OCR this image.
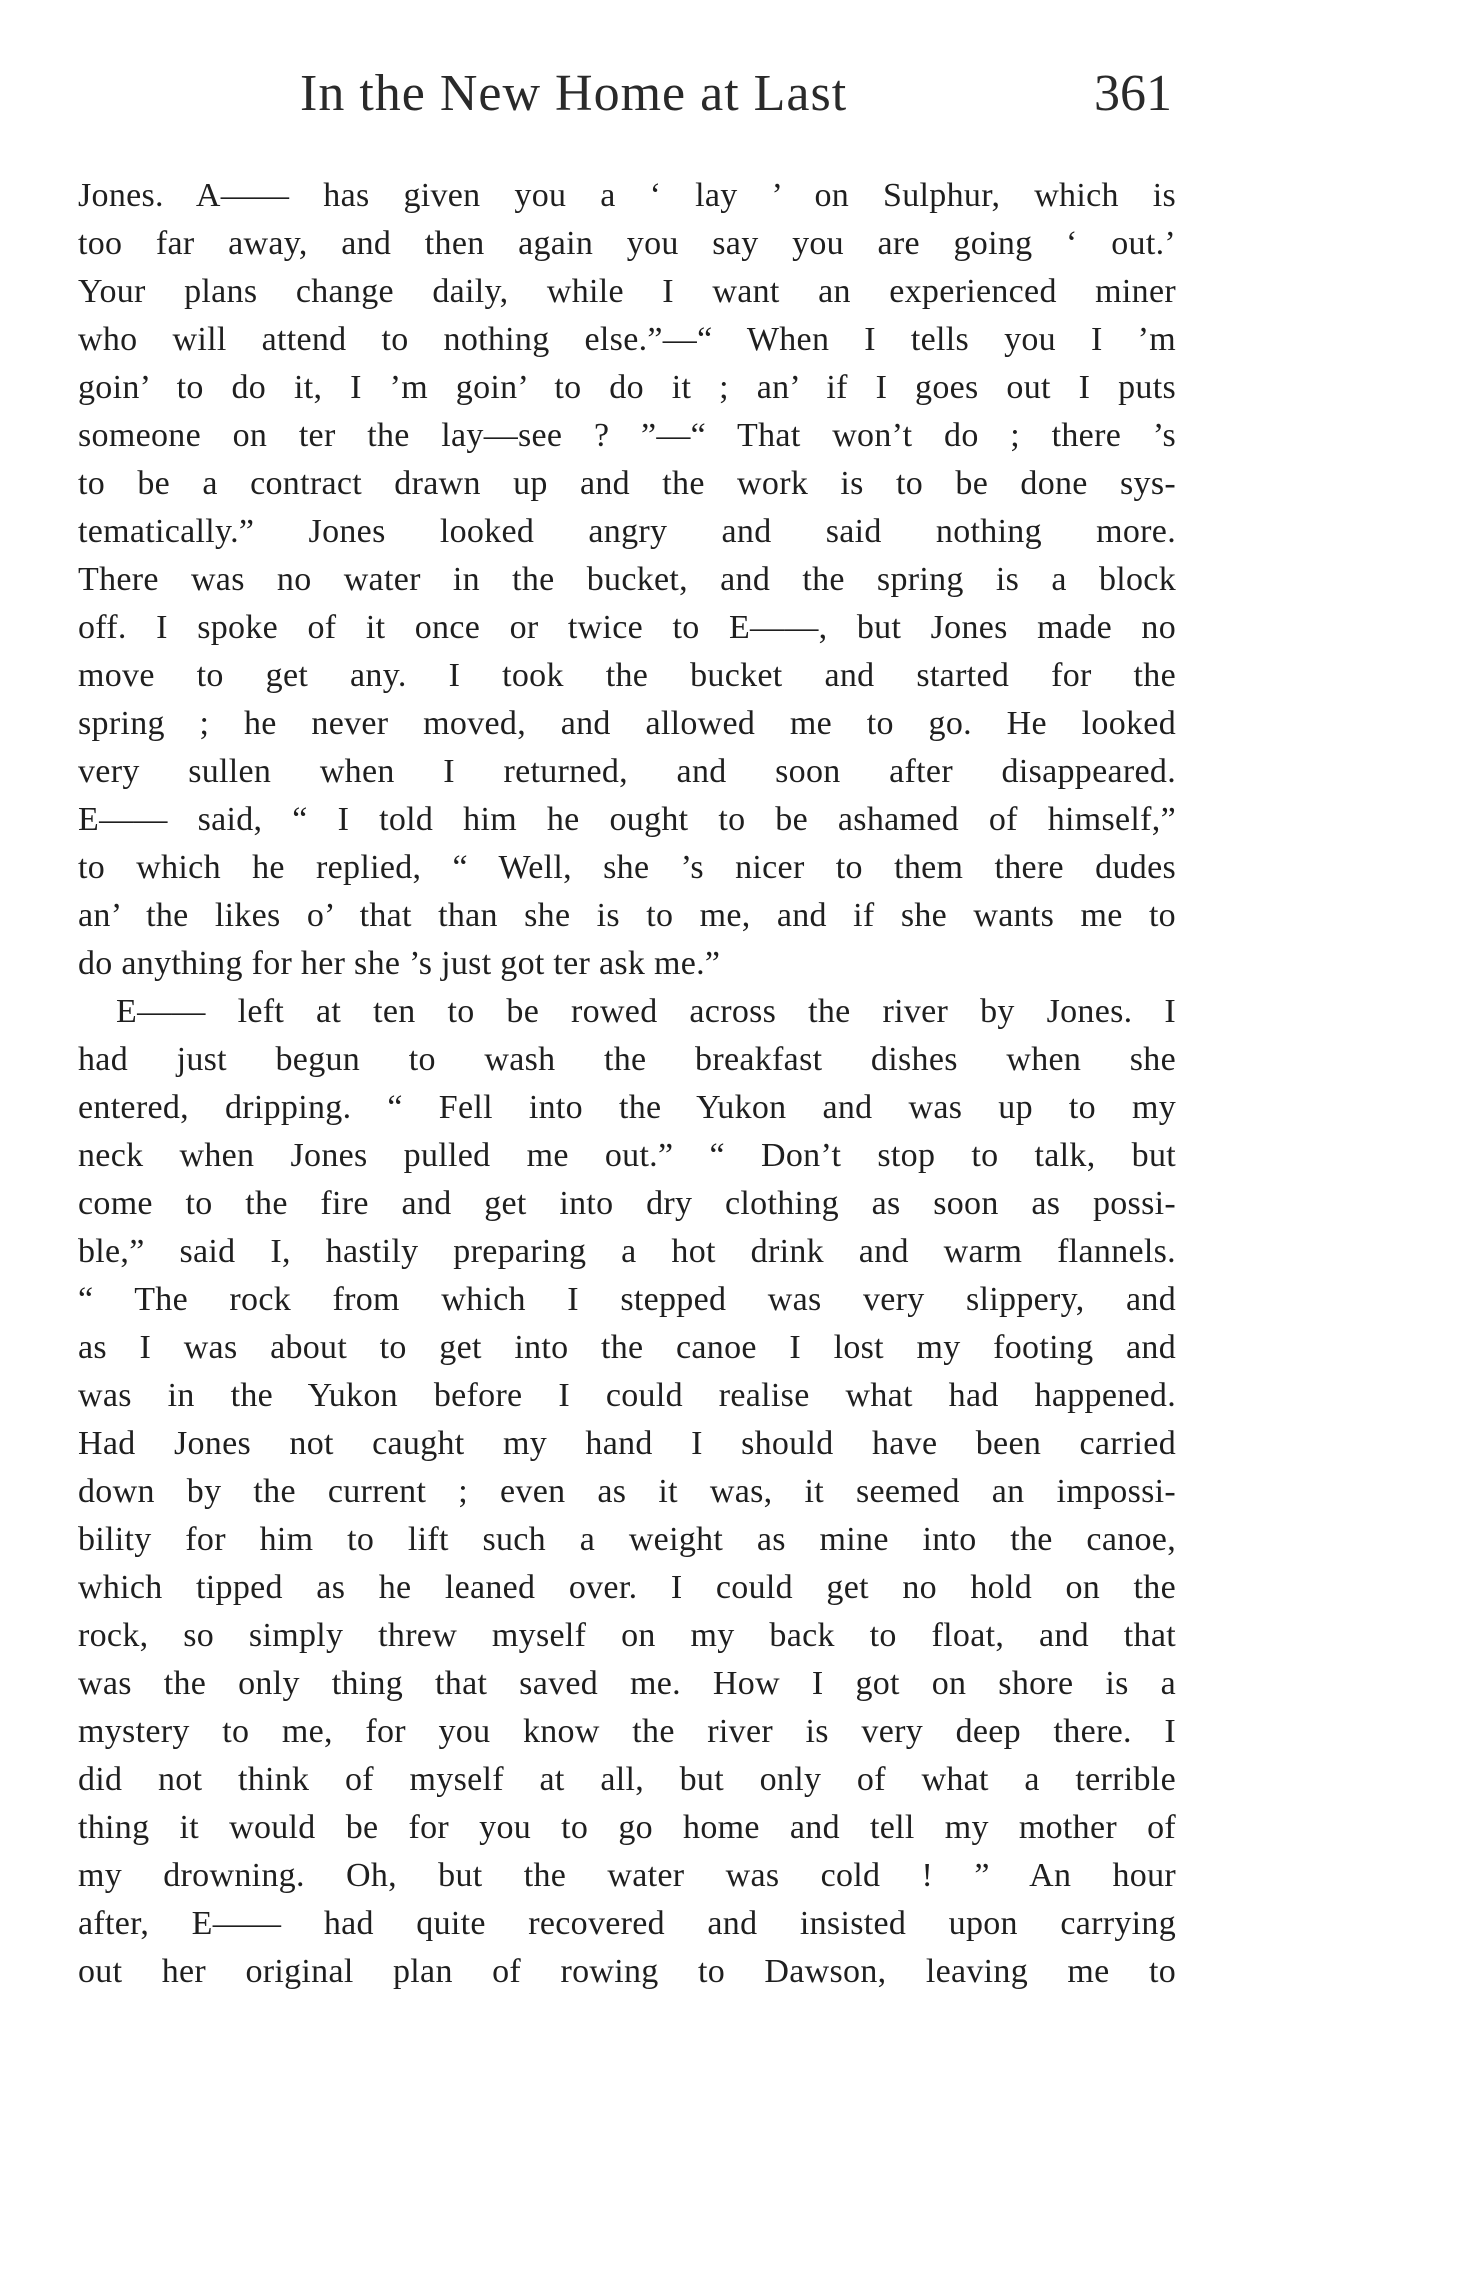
In the New Home at Last	361
Jones. A—— has given you a ‘ lay ’ on Sulphur, which is
too far away, and then again you say you are going ‘ out.’
Your plans change daily, while I want an experienced miner
who will attend to nothing else.”—“ When I tells you I ’m
goin’ to do it, I ’m goin’ to do it ; an’ if I goes out I puts
someone on ter the lay—see ? ”—“ That won’t do ; there ’s
to be a contract drawn up and the work is to be done sys-
tematically.” Jones looked angry and said nothing more.
There was no water in the bucket, and the spring is a block
off. I spoke of it once or twice to E——, but Jones made no
move to get any. I took the bucket and started for the
spring ; he never moved, and allowed me to go. He looked
very sullen when I returned, and soon after disappeared.
E—— said, “ I told him he ought to be ashamed of himself,”
to which he replied, “ Well, she ’s nicer to them there dudes
an’ the likes o’ that than she is to me, and if she wants me to
do anything for her she ’s just got ter ask me.”
E—— left at ten to be rowed across the river by Jones. I
had just begun to wash the breakfast dishes when she
entered, dripping. “ Fell into the Yukon and was up to my
neck when Jones pulled me out.” “ Don’t stop to talk, but
come to the fire and get into dry clothing as soon as possi-
ble,” said I, hastily preparing a hot drink and warm flannels.
“ The rock from which I stepped was very slippery, and
as I was about to get into the canoe I lost my footing and
was in the Yukon before I could realise what had happened.
Had Jones not caught my hand I should have been carried
down by the current ; even as it was, it seemed an impossi-
bility for him to lift such a weight as mine into the canoe,
which tipped as he leaned over. I could get no hold on the
rock, so simply threw myself on my back to float, and that
was the only thing that saved me. How I got on shore is a
mystery to me, for you know the river is very deep there. I
did not think of myself at all, but only of what a terrible
thing it would be for you to go home and tell my mother of
my drowning. Oh, but the water was cold ! ” An hour
after, E—— had quite recovered and insisted upon carrying
out her original plan of rowing to Dawson, leaving me to
